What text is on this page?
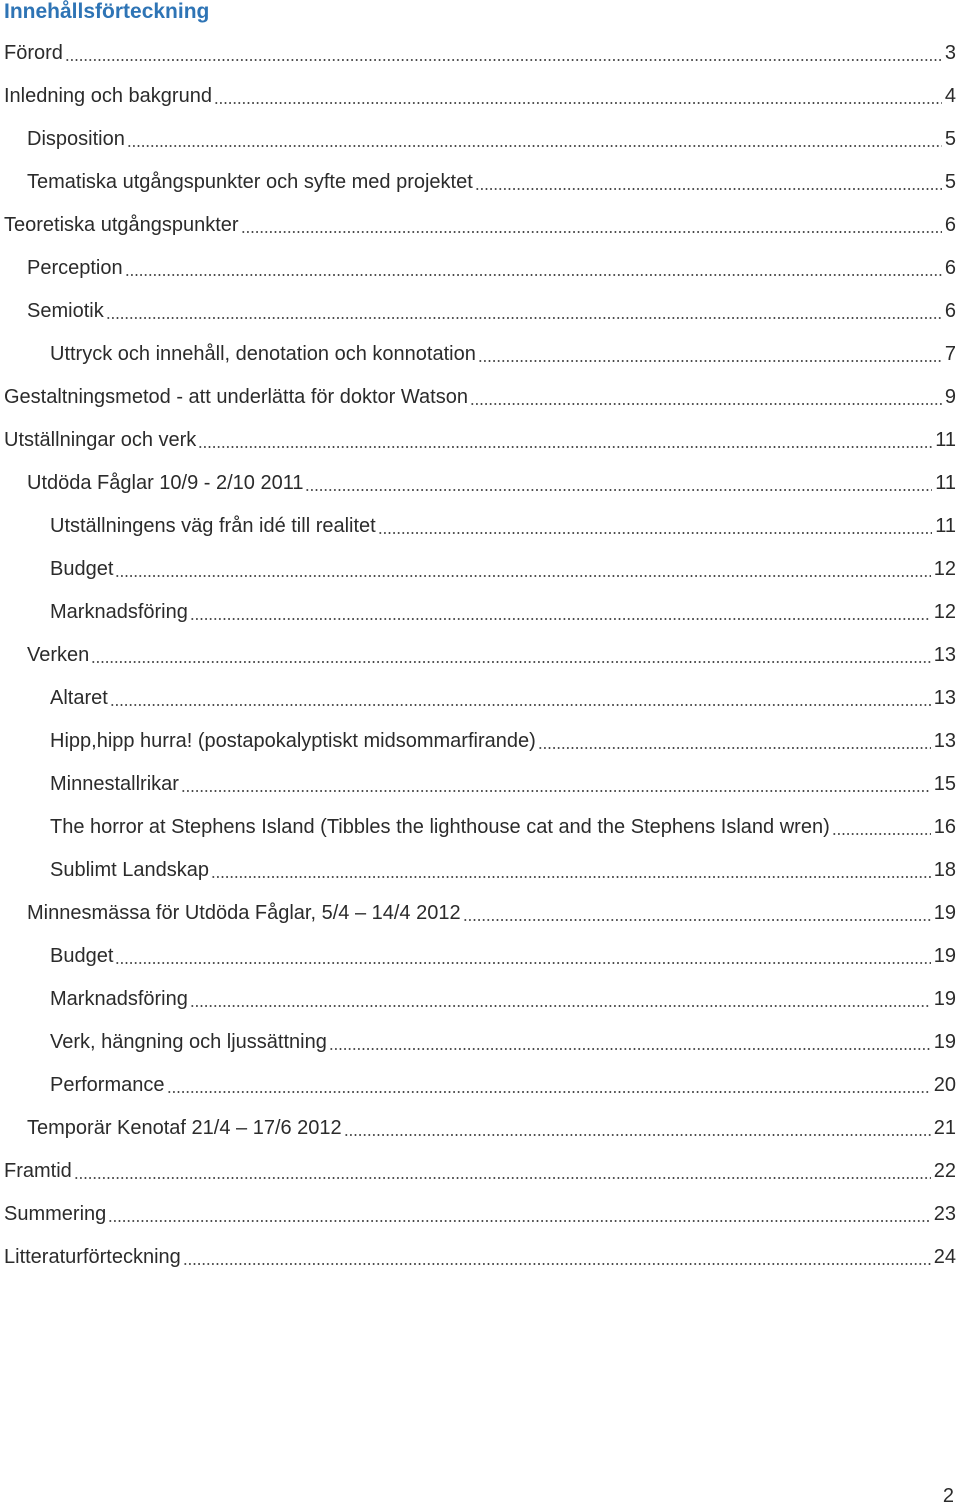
Innehållsförteckning
Förord	3
Inledning och bakgrund	4
Disposition	5
Tematiska utgångspunkter och syfte med projektet	5
Teoretiska utgångspunkter	6
Perception	6
Semiotik	6
Uttryck och innehåll, denotation och konnotation	7
Gestaltningsmetod - att underlätta för doktor Watson	9
Utställningar och verk	11
Utdöda Fåglar 10/9 - 2/10 2011	11
Utställningens väg från idé till realitet	11
Budget	12
Marknadsföring	12
Verken	13
Altaret	13
Hipp,hipp hurra! (postapokalyptiskt midsommarfirande)	13
Minnestallrikar	15
The horror at Stephens Island (Tibbles the lighthouse cat and the Stephens Island wren)	16
Sublimt Landskap	18
Minnesmässa för Utdöda Fåglar, 5/4 – 14/4 2012	19
Budget	19
Marknadsföring	19
Verk, hängning och ljussättning	19
Performance	20
Temporär Kenotaf 21/4 – 17/6 2012	21
Framtid	22
Summering	23
Litteraturförteckning	24
2
